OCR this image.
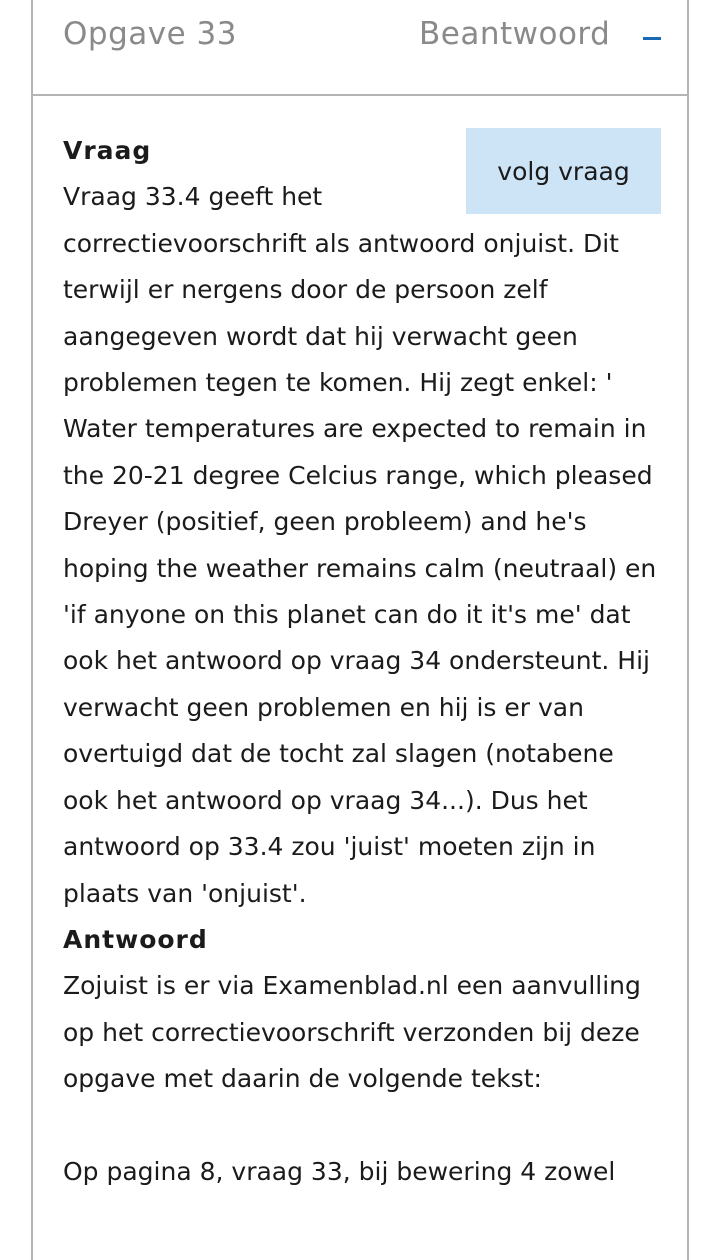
Opgave 33	Beantwoord
volg vraag
Vraag

Vraag 33.4 geeft het correctievoorschrift als antwoord onjuist. Dit terwijl er nergens door de persoon zelf aangegeven wordt dat hij verwacht geen problemen tegen te komen. Hij zegt enkel: ' Water temperatures are expected to remain in the 20-21 degree Celcius range, which pleased Dreyer (positief, geen probleem) and he's hoping the weather remains calm (neutraal) en 'if anyone on this planet can do it it's me' dat ook het antwoord op vraag 34 ondersteunt. Hij verwacht geen problemen en hij is er van overtuigd dat de tocht zal slagen (notabene ook het antwoord op vraag 34...). Dus het antwoord op 33.4 zou 'juist' moeten zijn in plaats van 'onjuist'.

Antwoord

Zojuist is er via Examenblad.nl een aanvulling op het correctievoorschrift verzonden bij deze opgave met daarin de volgende tekst:

Op pagina 8, vraag 33, bij bewering 4 zowel
